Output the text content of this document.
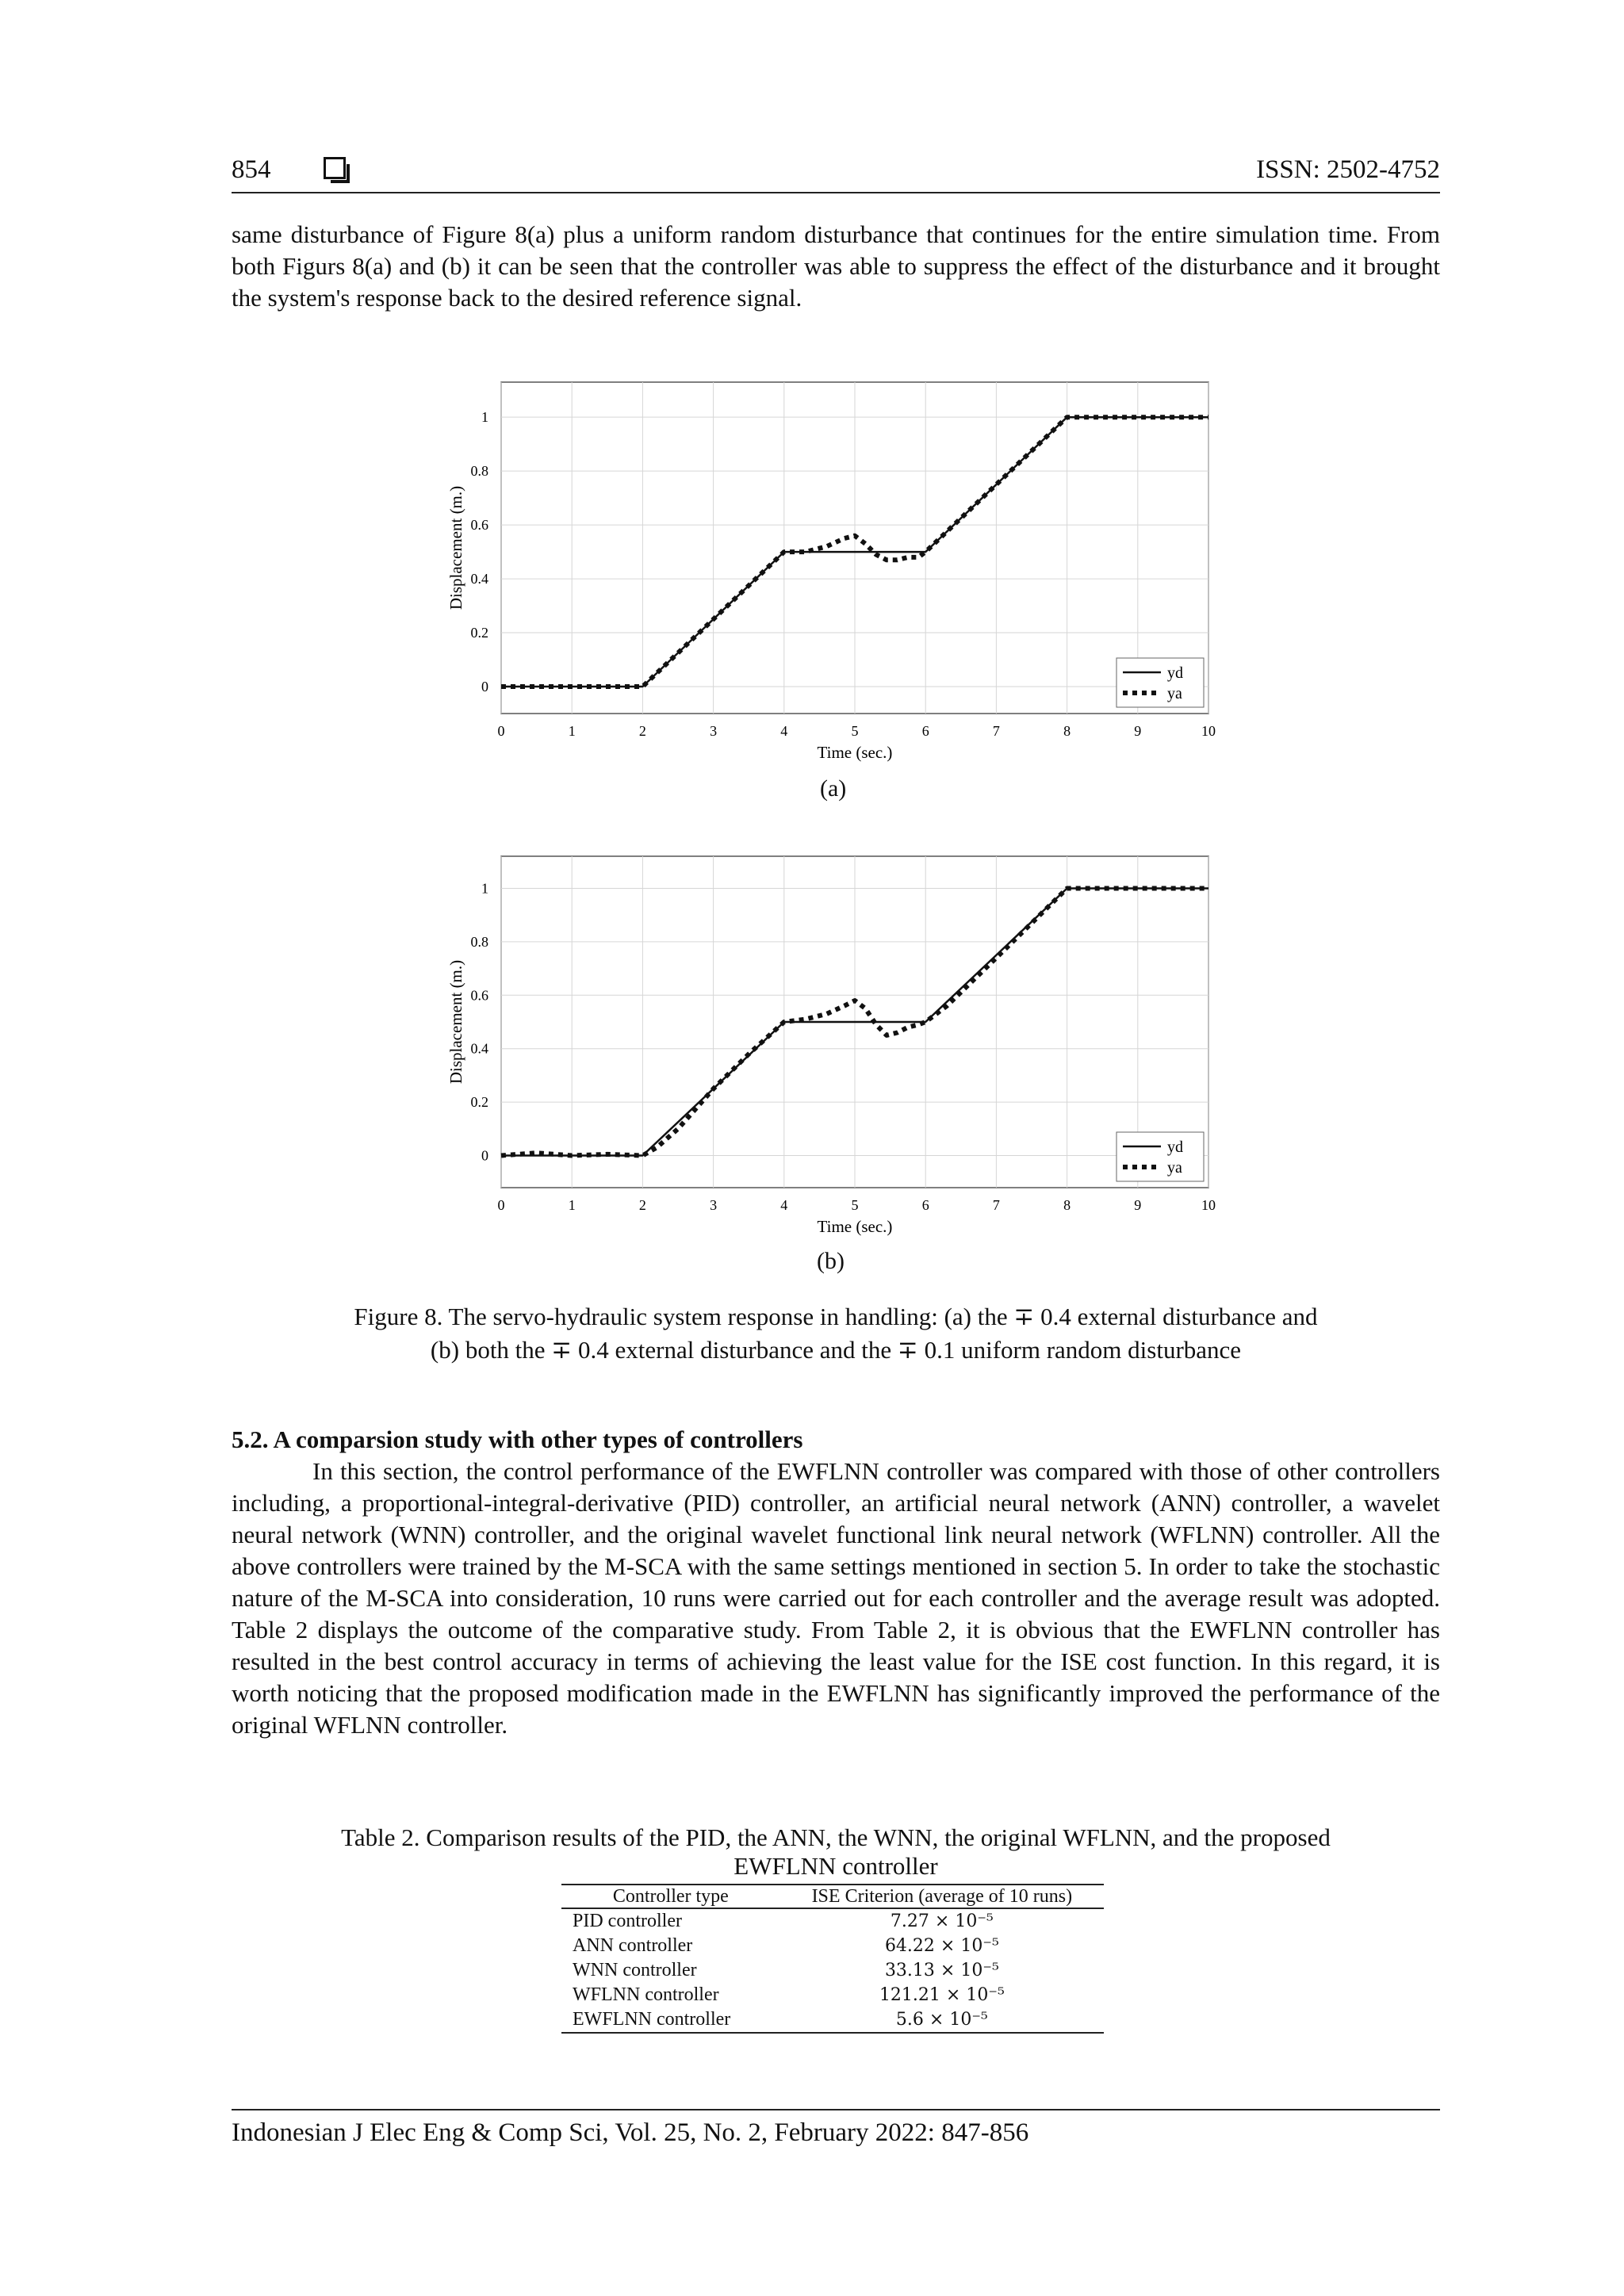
854	ISSN: 2502-4752
same disturbance of Figure 8(a) plus a uniform random disturbance that continues for the entire simulation time. From both Figurs 8(a) and (b) it can be seen that the controller was able to suppress the effect of the disturbance and it brought the system's response back to the desired reference signal.
0	1	2	3	4	5	6	7	8	9	10
0
0.2
0.4
0.6
0.8
1
Time (sec.)
Displacement (m.)
yd
ya
(a)
0	1	2	3	4	5	6	7	8	9	10
0
0.2
0.4
0.6
0.8
1
Time (sec.)
Displacement (m.)
yd
ya
(b)
Figure 8. The servo-hydraulic system response in handling: (a) the ∓ 0.4 external disturbance and
(b) both the ∓ 0.4 external disturbance and the ∓ 0.1 uniform random disturbance
5.2. A comparsion study with other types of controllers
In this section, the control performance of the EWFLNN controller was compared with those of other controllers including, a proportional-integral-derivative (PID) controller, an artificial neural network (ANN) controller, a wavelet neural network (WNN) controller, and the original wavelet functional link neural network (WFLNN) controller. All the above controllers were trained by the M-SCA with the same settings mentioned in section 5. In order to take the stochastic nature of the M-SCA into consideration, 10 runs were carried out for each controller and the average result was adopted. Table 2 displays the outcome of the comparative study. From Table 2, it is obvious that the EWFLNN controller has resulted in the best control accuracy in terms of achieving the least value for the ISE cost function. In this regard, it is worth noticing that the proposed modification made in the EWFLNN has significantly improved the performance of the original WFLNN controller.
Table 2. Comparison results of the PID, the ANN, the WNN, the original WFLNN, and the proposed
EWFLNN controller
Controller type	ISE Criterion (average of 10 runs)
PID controller	7.27 × 10⁻⁵
ANN controller	64.22 × 10⁻⁵
WNN controller	33.13 × 10⁻⁵
WFLNN controller	121.21 × 10⁻⁵
EWFLNN controller	5.6 × 10⁻⁵
Indonesian J Elec Eng & Comp Sci, Vol. 25, No. 2, February 2022: 847-856
